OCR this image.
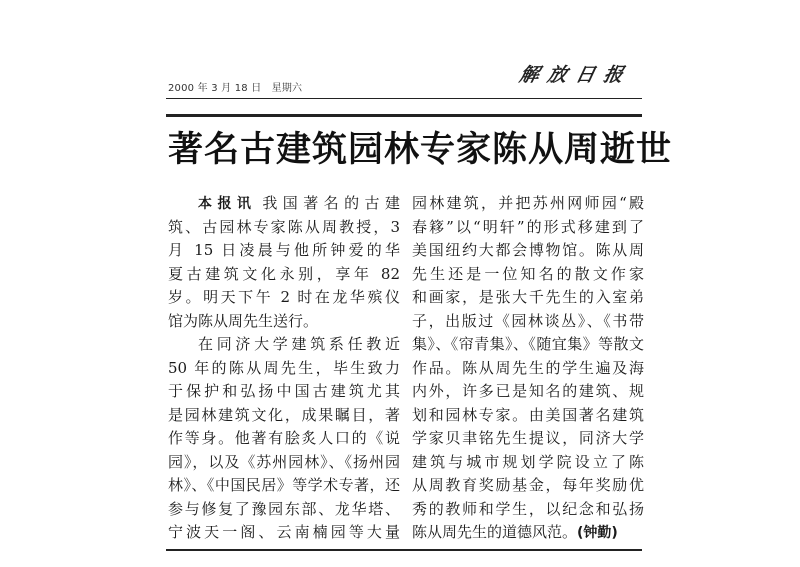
2000 年 3 月 18 日　星期六
解放日报
著名古建筑园林专家陈从周逝世
本报讯 我国著名的古建
筑、古园林专家陈从周教授，3
月 15 日凌晨与他所钟爱的华
夏古建筑文化永别，享年 82
岁。明天下午 2 时在龙华殡仪
馆为陈从周先生送行。
在同济大学建筑系任教近
50 年的陈从周先生，毕生致力
于保护和弘扬中国古建筑尤其
是园林建筑文化，成果瞩目，著
作等身。他著有脍炙人口的《说
园》，以及《苏州园林》、《扬州园
林》、《中国民居》等学术专著，还
参与修复了豫园东部、龙华塔、
宁波天一阁、云南楠园等大量
园林建筑，并把苏州网师园“殿
春簃”以“明轩”的形式移建到了
美国纽约大都会博物馆。陈从周
先生还是一位知名的散文作家
和画家，是张大千先生的入室弟
子，出版过《园林谈丛》、《书带
集》、《帘青集》、《随宜集》等散文
作品。陈从周先生的学生遍及海
内外，许多已是知名的建筑、规
划和园林专家。由美国著名建筑
学家贝聿铭先生提议，同济大学
建筑与城市规划学院设立了陈
从周教育奖励基金，每年奖励优
秀的教师和学生，以纪念和弘扬
陈从周先生的道德风范。(钟勤)
